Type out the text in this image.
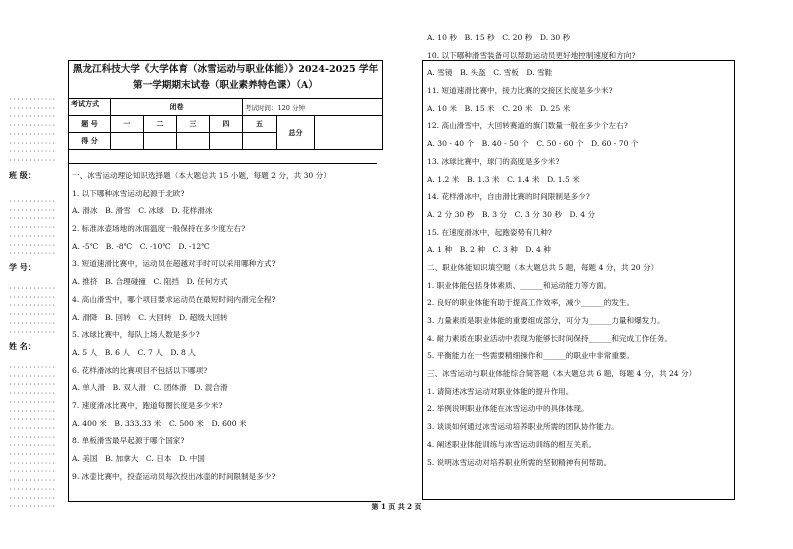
············
············
············
············
············
············
············
············
班 级：
············
············
············
············
············
············
············
学 号：
············
············
············
············
············
············
姓 名：
············
············
············
············
············
············
············
············
············
············
············
············
············
············
············
············
············
黑龙江科技大学《大学体育（冰雪运动与职业体能）》2024-2025 学年
第一学期期末试卷（职业素养特色课）（A）
考试方式	闭卷				考试时间：120 分钟		
题 号	一	二	三	四	五	总分	
得 分							
一、冰雪运动理论知识选择题（本大题总共 15 小题，每题 2 分，共 30 分）
1. 以下哪种冰雪运动起源于北欧?
A. 滑冰　B. 滑雪　C. 冰球　D. 花样滑冰
2. 标准冰壶场地的冰面温度一般保持在多少度左右?
A. -5℃　B. -8℃　C. -10℃　D. -12℃
3. 短道速滑比赛中，运动员在超越对手时可以采用哪种方式?
A. 推挤　B. 合理碰撞　C. 阻挡　D. 任何方式
4. 高山滑雪中，哪个项目要求运动员在最短时间内滑完全程?
A. 滑降　B. 回转　C. 大回转　D. 超级大回转
5. 冰球比赛中，每队上场人数是多少?
A. 5 人　B. 6 人　C. 7 人　D. 8 人
6. 花样滑冰的比赛项目不包括以下哪项?
A. 单人滑　B. 双人滑　C. 团体滑　D. 混合滑
7. 速度滑冰比赛中，跑道每圈长度是多少米?
A. 400 米　B. 333.33 米　C. 500 米　D. 600 米
8. 单板滑雪最早起源于哪个国家?
A. 美国　B. 加拿大　C. 日本　D. 中国
9. 冰壶比赛中，投壶运动员每次投出冰壶的时间限制是多少?
A. 10 秒　B. 15 秒　C. 20 秒　D. 30 秒
10. 以下哪种滑雪装备可以帮助运动员更好地控制速度和方向?
A. 雪镜　B. 头盔　C. 雪板　D. 雪鞋
11. 短道速滑比赛中，接力比赛的交接区长度是多少米?
A. 10 米　B. 15 米　C. 20 米　D. 25 米
12. 高山滑雪中，大回转赛道的旗门数量一般在多少个左右?
A. 30 - 40 个　B. 40 - 50 个　C. 50 - 60 个　D. 60 - 70 个
13. 冰球比赛中，球门的高度是多少米?
A. 1.2 米　B. 1.3 米　C. 1.4 米　D. 1.5 米
14. 花样滑冰中，自由滑比赛的时间限制是多少?
A. 2 分 30 秒　B. 3 分　C. 3 分 30 秒　D. 4 分
15. 在速度滑冰中，起跑姿势有几种?
A. 1 种　B. 2 种　C. 3 种　D. 4 种
二、职业体能知识填空题（本大题总共 5 题，每题 4 分，共 20 分）
1. 职业体能包括身体素质、______和运动能力等方面。
2. 良好的职业体能有助于提高工作效率，减少______的发生。
3. 力量素质是职业体能的重要组成部分，可分为______力量和爆发力。
4. 耐力素质在职业活动中表现为能够长时间保持______和完成工作任务。
5. 平衡能力在一些需要精细操作和______的职业中非常重要。
三、冰雪运动与职业体能综合简答题（本大题总共 6 题，每题 4 分，共 24 分）
1. 请简述冰雪运动对职业体能的提升作用。
2. 举例说明职业体能在冰雪运动中的具体体现。
3. 谈谈如何通过冰雪运动培养职业所需的团队协作能力。
4. 阐述职业体能训练与冰雪运动训练的相互关系。
5. 说明冰雪运动对培养职业所需的坚韧精神有何帮助。
第 1 页 共 2 页
